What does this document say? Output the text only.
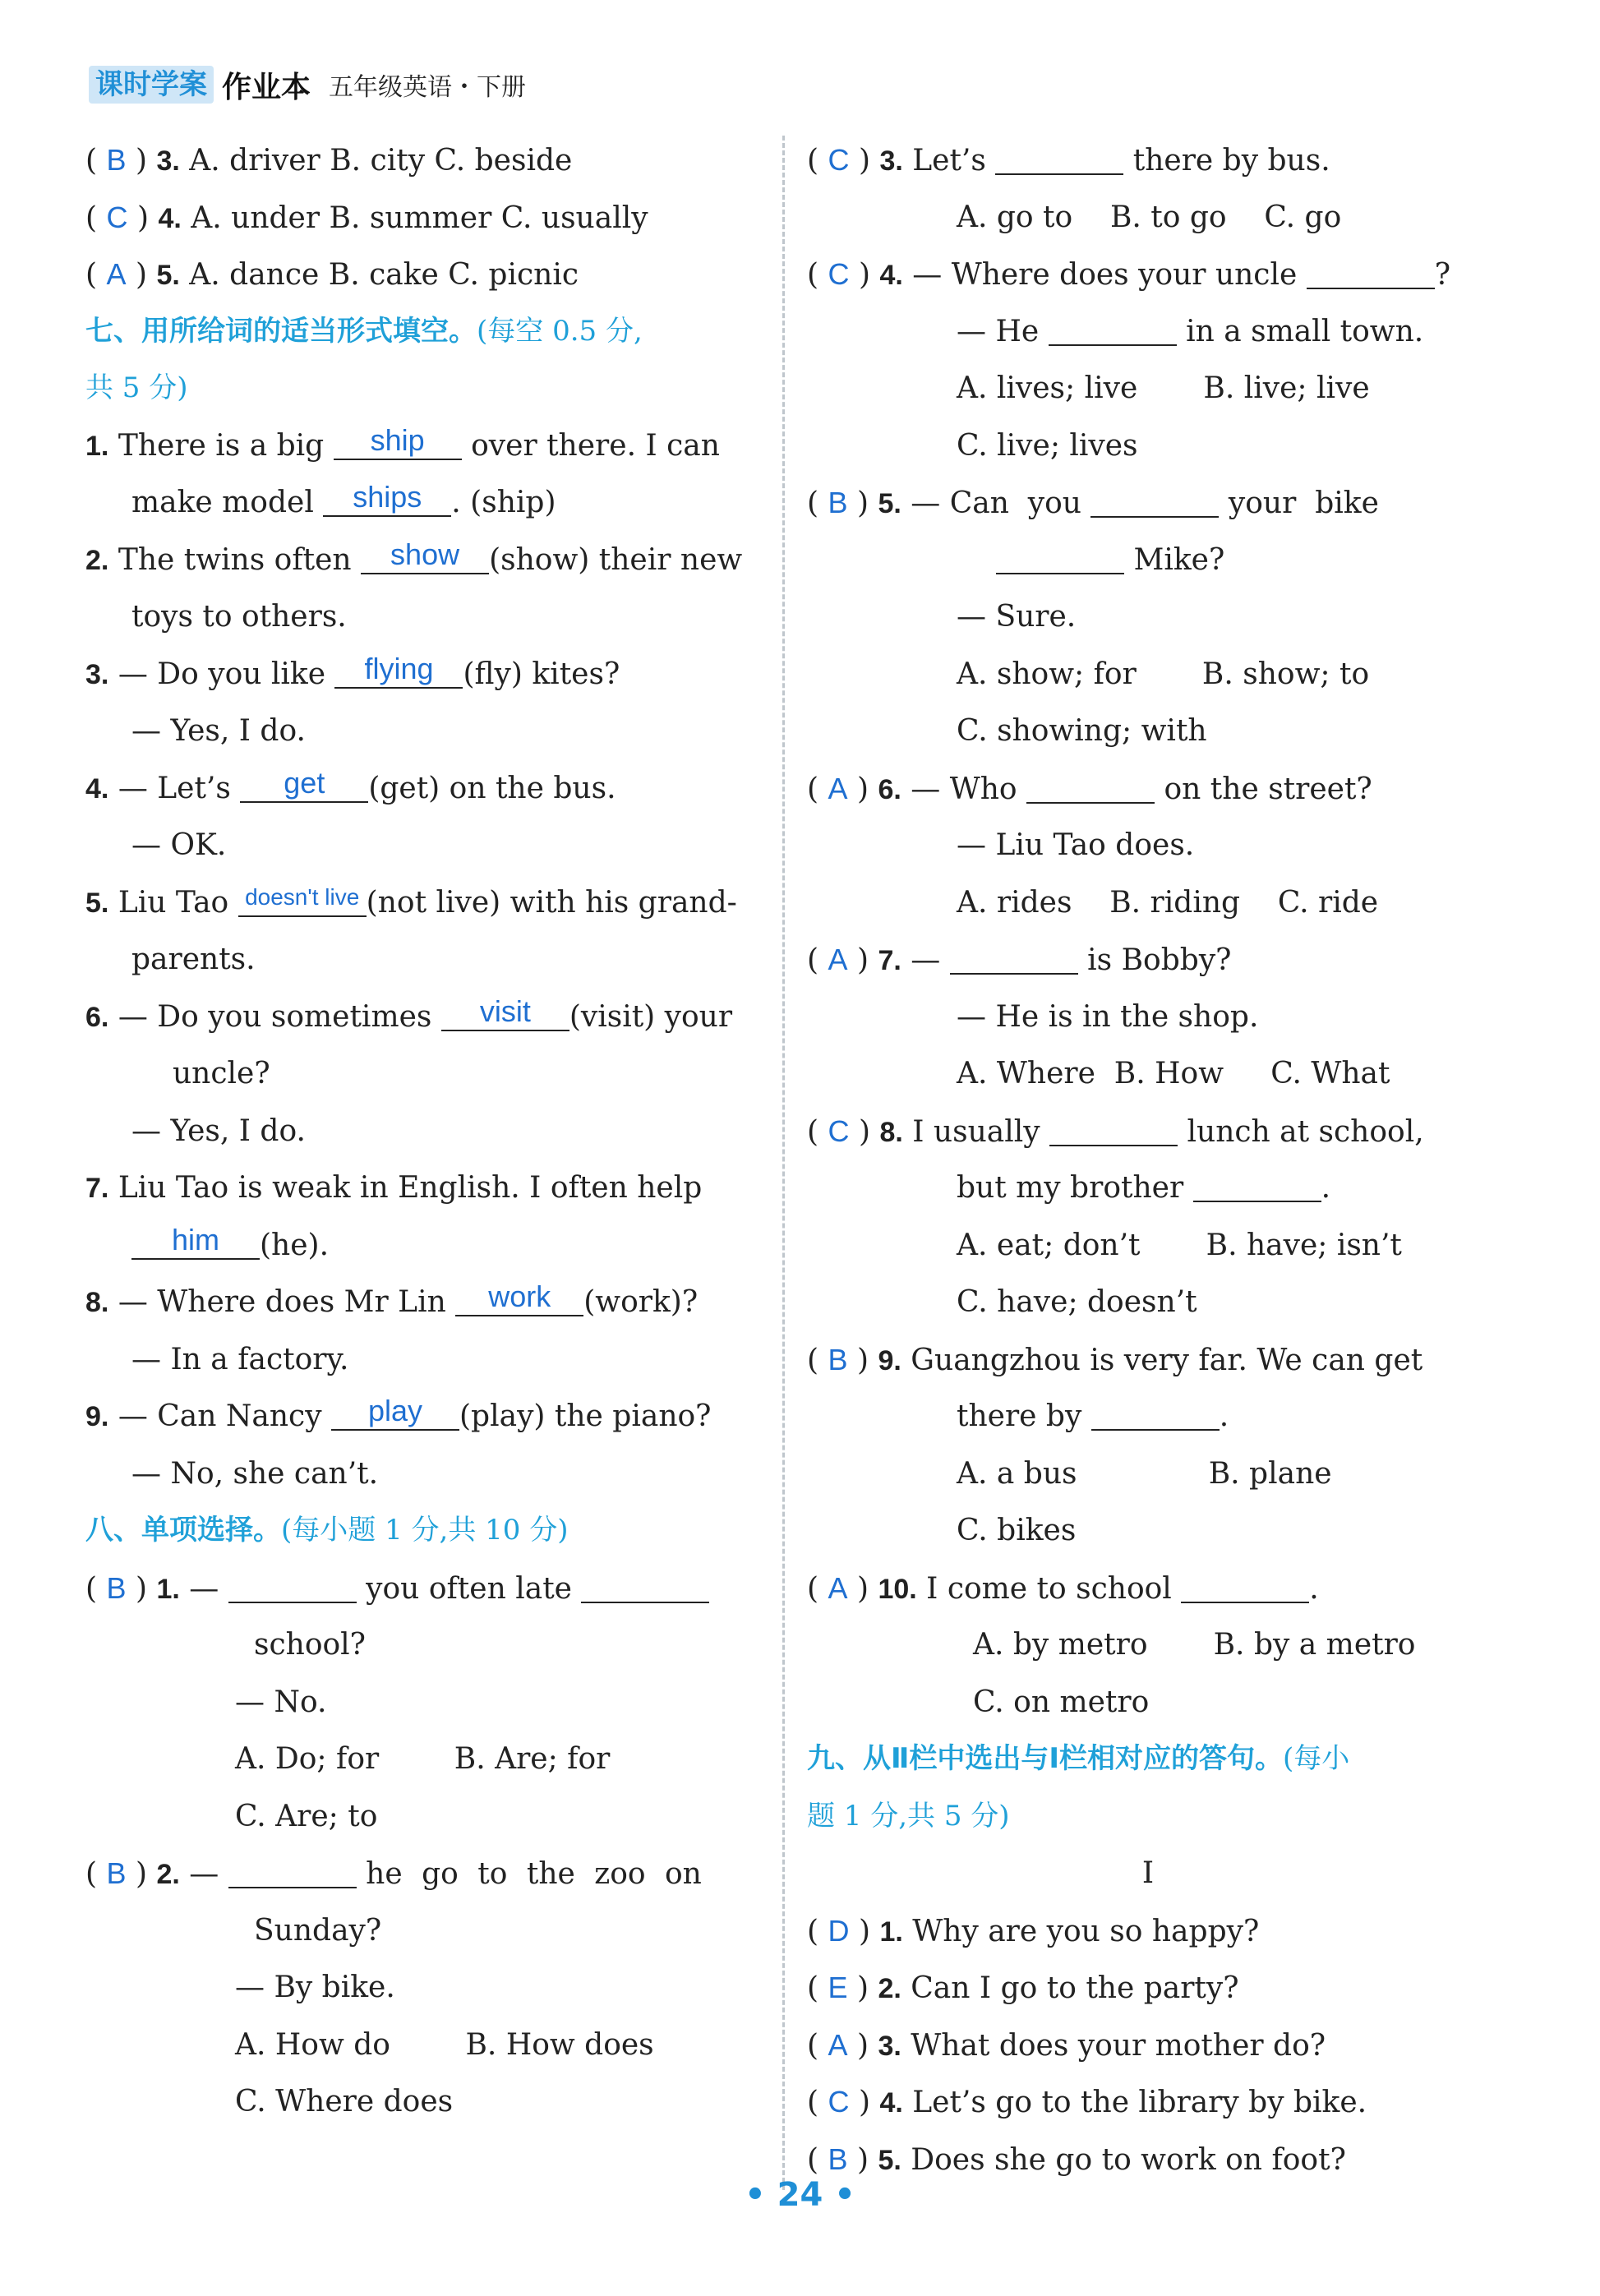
课时学案 作业本 五年级英语・下册
( B ) 3. A. driver B. city C. beside
( C ) 4. A. under B. summer C. usually
( A ) 5. A. dance B. cake C. picnic
七、用所给词的适当形式填空。(每空 0.5 分,
共 5 分)
1. There is a big	ship	over there. I can
make model	ships . (ship)
2. The twins often	show (show) their new
toys to others.
3. — Do you like	flying (fly) kites?
— Yes, I do.
4. — Let’s	get	(get) on the bus.
— OK.
5. Liu Tao doesn't live (not live) with his grand-
parents.
6. — Do you sometimes	visit	(visit) your
uncle?
— Yes, I do.
7. Liu Tao is weak in English. I often help
him	(he).
8. — Where does Mr Lin	work	(work)?
— In a factory.
9. — Can Nancy	play	(play) the piano?
— No, she can’t.
八、单项选择。(每小题 1 分,共 10 分)
( B ) 1. —	you often late
school?
— No.
A. Do; for        B. Are; for
C. Are; to
( B ) 2. —	he go to the zoo on
Sunday?
— By bike.
A. How do        B. How does
C. Where does
( C ) 3. Let’s	there by bus.
A. go to    B. to go    C. go
( C ) 4. — Where does your uncle	?
— He	in a small town.
A. lives; live       B. live; live
C. live; lives
( B ) 5. — Can  you	your  bike
Mike?
— Sure.
A. show; for       B. show; to
C. showing; with
( A ) 6. — Who	on the street?
— Liu Tao does.
A. rides    B. riding    C. ride
( A ) 7. —	is Bobby?
— He is in the shop.
A. Where  B. How     C. What
( C ) 8. I usually	lunch at school,
but my brother	.
A. eat; don’t       B. have; isn’t
C. have; doesn’t
( B ) 9. Guangzhou is very far. We can get
there by	.
A. a bus              B. plane
C. bikes
( A ) 10. I come to school	.
A. by metro       B. by a metro
C. on metro
九、从Ⅱ栏中选出与Ⅰ栏相对应的答句。(每小
题 1 分,共 5 分)
I
( D ) 1. Why are you so happy?
( E ) 2. Can I go to the party?
( A ) 3. What does your mother do?
( C ) 4. Let’s go to the library by bike.
( B ) 5. Does she go to work on foot?
• 24 •
